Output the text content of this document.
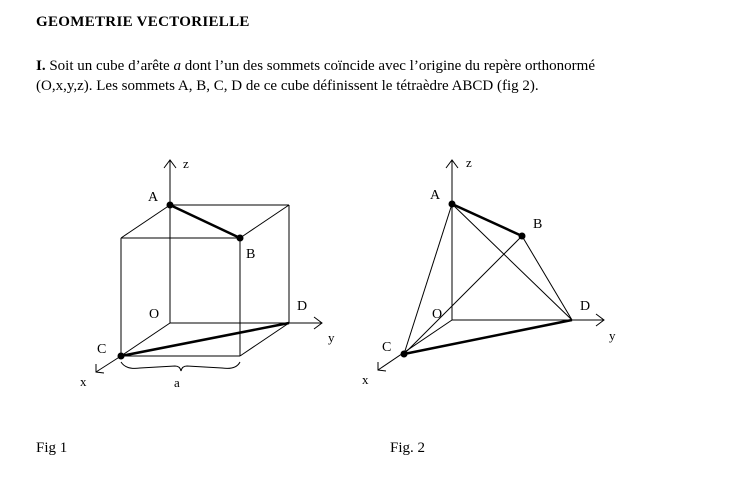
GEOMETRIE VECTORIELLE
I. Soit un cube d’arête a dont l’un des sommets coïncide avec l’origine du repère orthonormé
(O,x,y,z). Les sommets A, B, C, D de ce cube définissent le tétraèdre ABCD (fig 2).
z
A
B
O
D
y
C
x	a
z
A
B
O
D
y
C
x
Fig 1	Fig. 2
